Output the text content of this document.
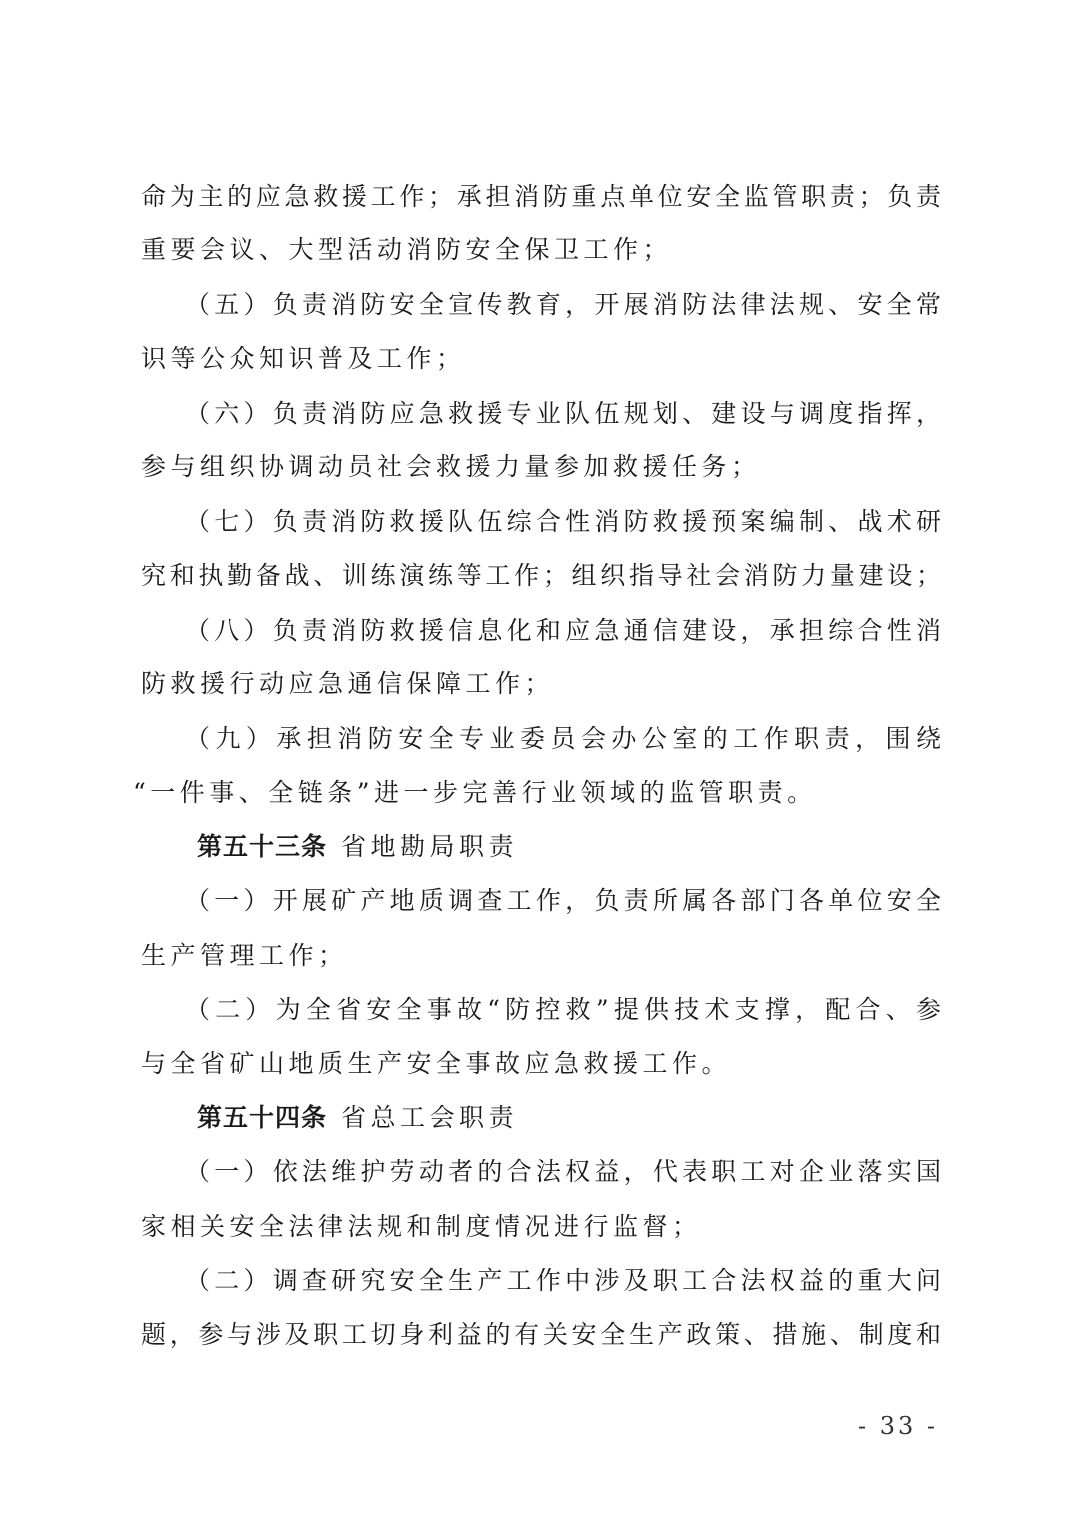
命为主的应急救援工作；承担消防重点单位安全监管职责；负责
重要会议、大型活动消防安全保卫工作；
（五）负责消防安全宣传教育，开展消防法律法规、安全常
识等公众知识普及工作；
（六）负责消防应急救援专业队伍规划、建设与调度指挥，
参与组织协调动员社会救援力量参加救援任务；
（七）负责消防救援队伍综合性消防救援预案编制、战术研
究和执勤备战、训练演练等工作；组织指导社会消防力量建设；
（八）负责消防救援信息化和应急通信建设，承担综合性消
防救援行动应急通信保障工作；
（九）承担消防安全专业委员会办公室的工作职责，围绕
“一件事、全链条”进一步完善行业领域的监管职责。
第五十三条 省地勘局职责
（一）开展矿产地质调查工作，负责所属各部门各单位安全
生产管理工作；
（二）为全省安全事故“防控救”提供技术支撑，配合、参
与全省矿山地质生产安全事故应急救援工作。
第五十四条 省总工会职责
（一）依法维护劳动者的合法权益，代表职工对企业落实国
家相关安全法律法规和制度情况进行监督；
（二）调查研究安全生产工作中涉及职工合法权益的重大问
题，参与涉及职工切身利益的有关安全生产政策、措施、制度和
- 33 -
